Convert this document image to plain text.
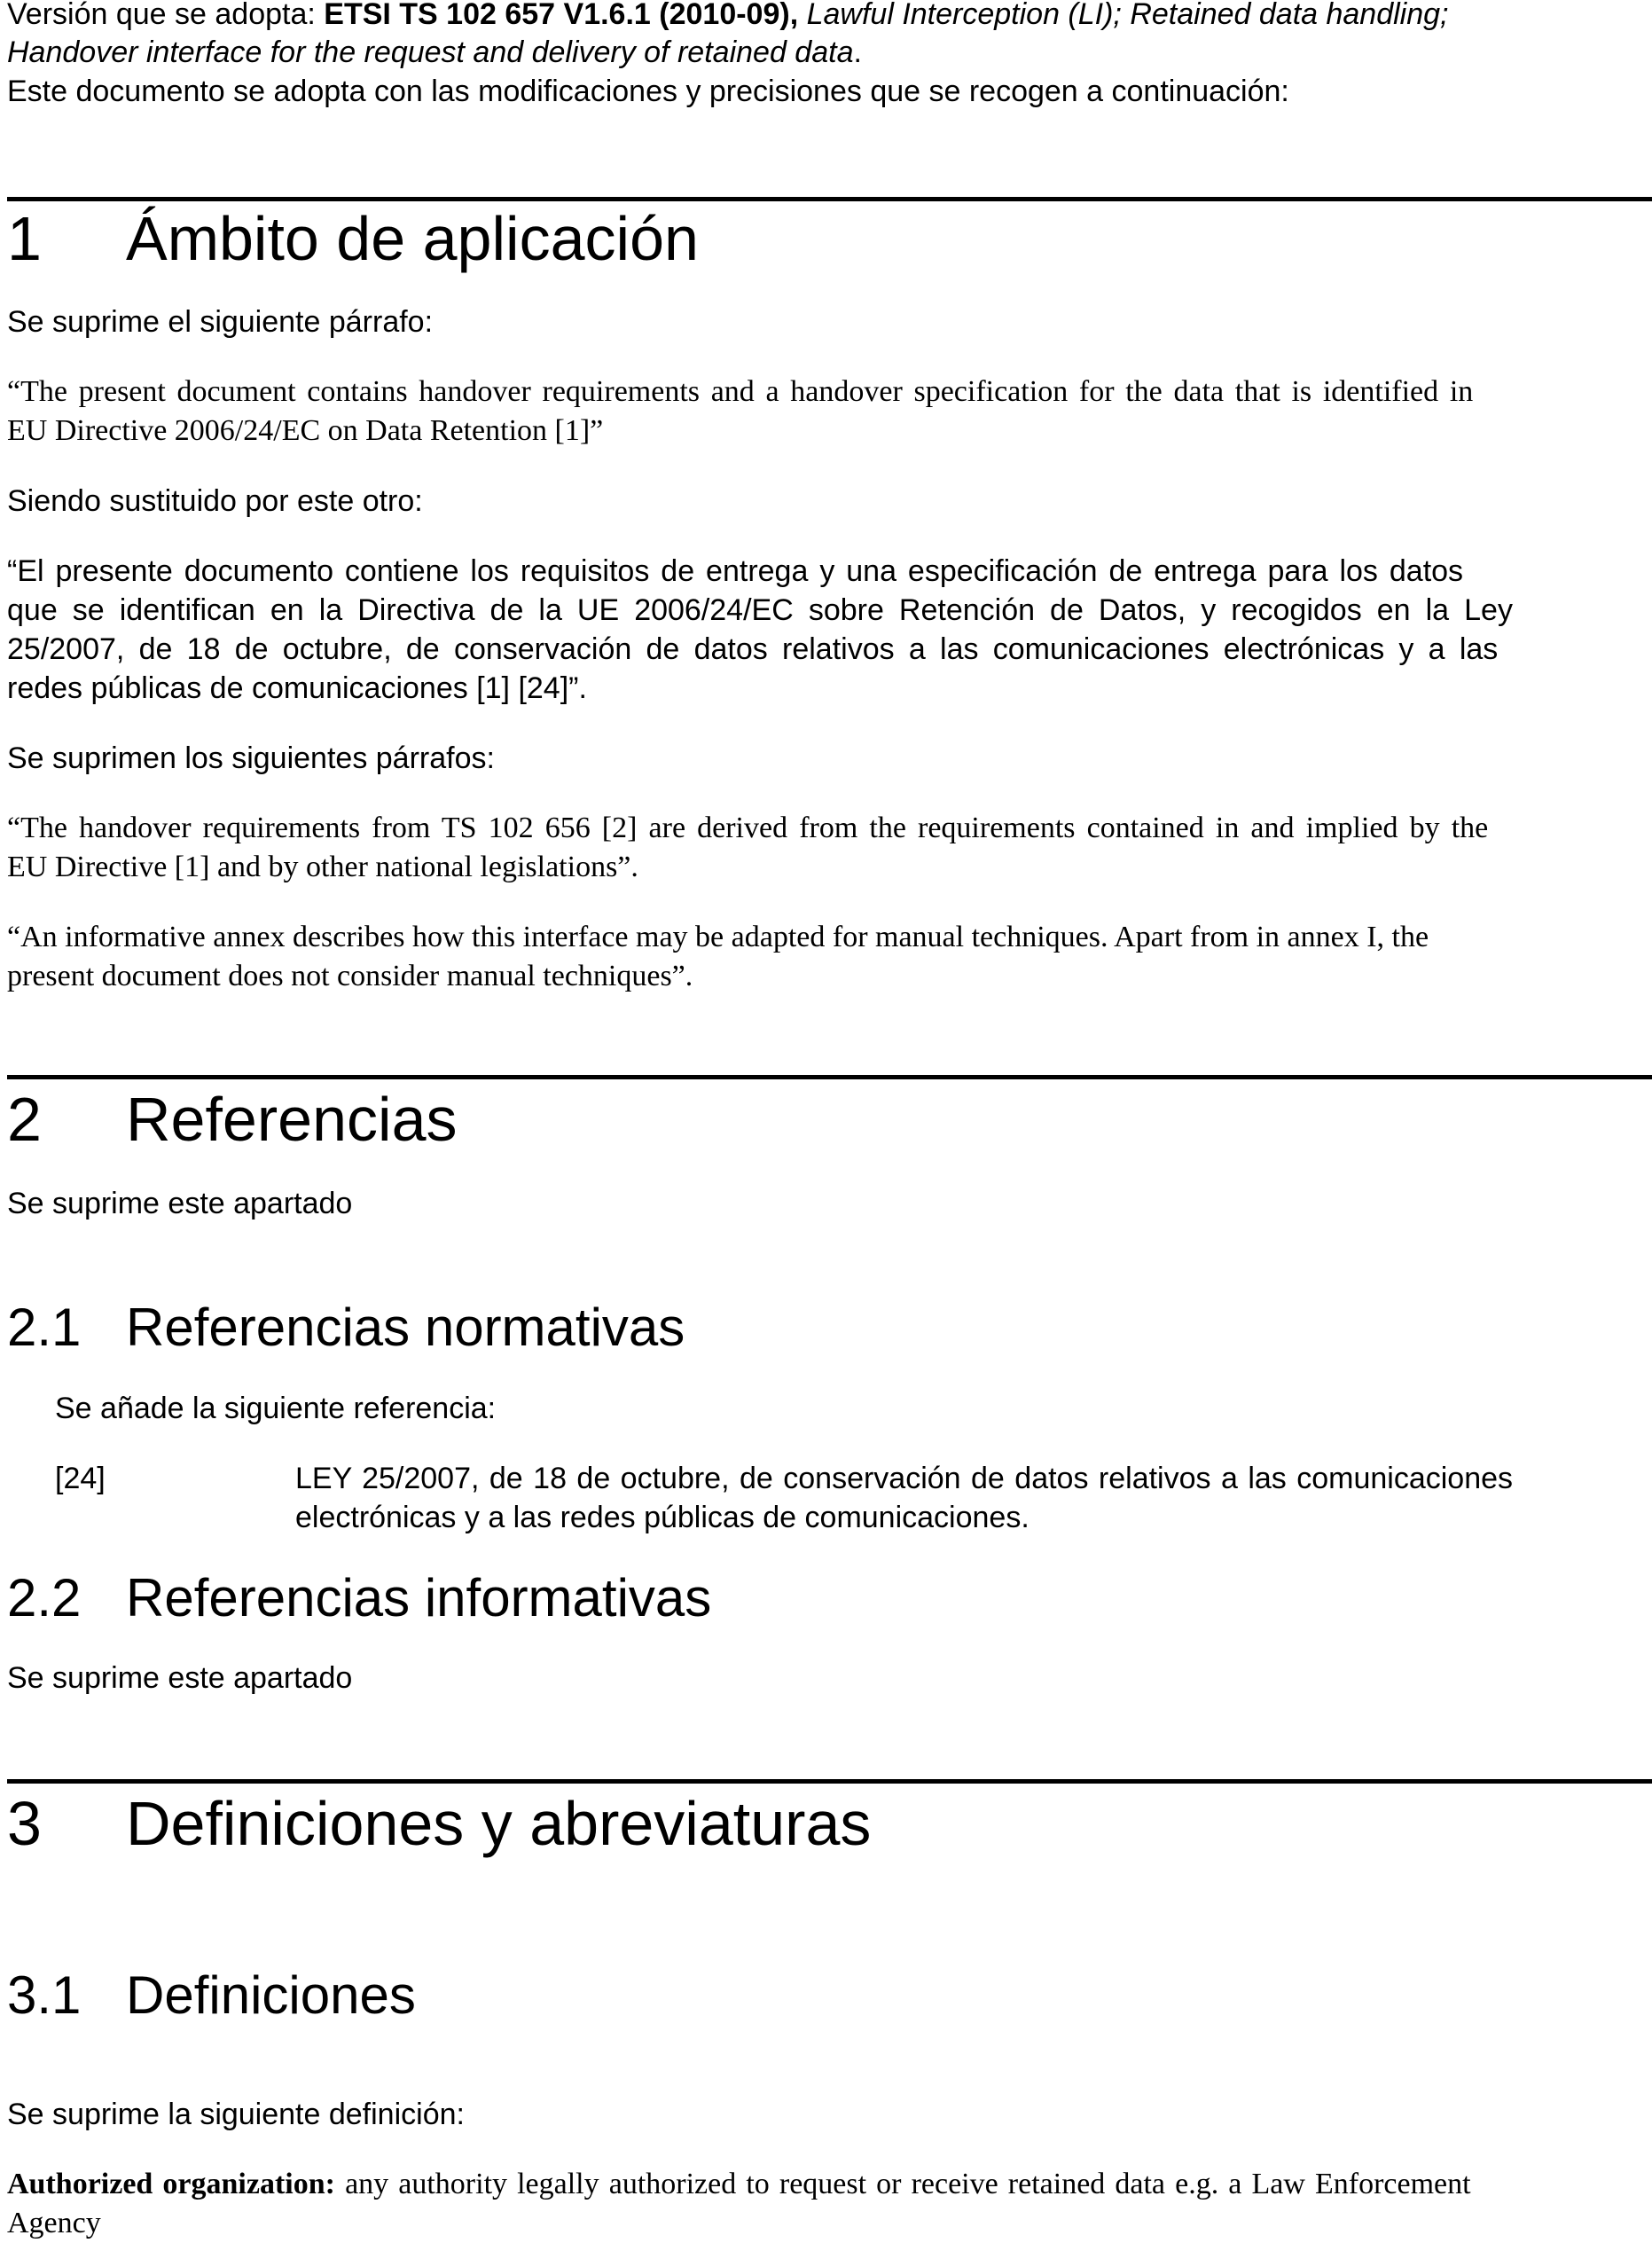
Versión que se adopta: ETSI TS 102 657 V1.6.1 (2010-09), Lawful Interception (LI); Retained data handling;
Handover interface for the request and delivery of retained data.
Este documento se adopta con las modificaciones y precisiones que se recogen a continuación:
1 Ámbito de aplicación
Se suprime el siguiente párrafo:
“The present document contains handover requirements and a handover specification for the data that is identified in
EU Directive 2006/24/EC on Data Retention [1]”
Siendo sustituido por este otro:
“El presente documento contiene los requisitos de entrega y una especificación de entrega para los datos
que se identifican en la Directiva de la UE 2006/24/EC sobre Retención de Datos, y recogidos en la Ley
25/2007, de 18 de octubre, de conservación de datos relativos a las comunicaciones electrónicas y a las
redes públicas de comunicaciones [1] [24]”.
Se suprimen los siguientes párrafos:
“The handover requirements from TS 102 656 [2] are derived from the requirements contained in and implied by the
EU Directive [1] and by other national legislations”.
“An informative annex describes how this interface may be adapted for manual techniques. Apart from in annex I, the
present document does not consider manual techniques”.
2 Referencias
Se suprime este apartado
2.1 Referencias normativas
Se añade la siguiente referencia:
[24]	LEY 25/2007, de 18 de octubre, de conservación de datos relativos a las comunicaciones
electrónicas y a las redes públicas de comunicaciones.
2.2 Referencias informativas
Se suprime este apartado
3 Definiciones y abreviaturas
3.1 Definiciones
Se suprime la siguiente definición:
Authorized organization: any authority legally authorized to request or receive retained data e.g. a Law Enforcement
Agency
